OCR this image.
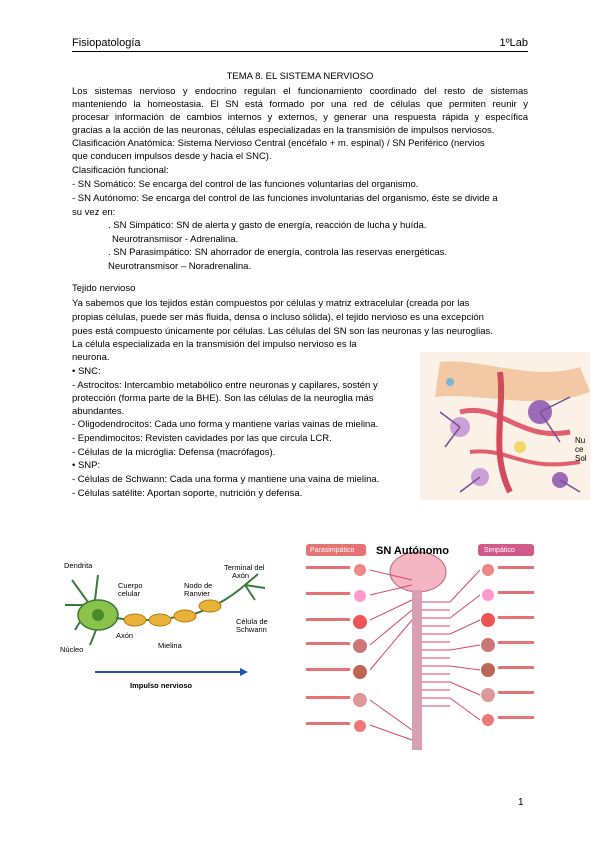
Fisiopatología	1ºLab
TEMA 8. EL SISTEMA NERVIOSO
Los sistemas nervioso y endocrino regulan el funcionamiento coordinado del resto de sistemas
manteniendo la homeostasia. El SN está formado por una red de células que permiten reunir y
procesar información de cambios internos y externos, y generar una respuesta rápida y específica
gracias a la acción de las neuronas, células especializadas en la transmisión de impulsos nerviosos.
Clasificación Anatómica: Sistema Nervioso Central (encéfalo + m. espinal) / SN Periférico (nervios
que conducen impulsos desde y hacia el SNC).
Clasificación funcional:
- SN Somático: Se encarga del control de las funciones voluntarias del organismo.
- SN Autónomo: Se encarga del control de las funciones involuntarias del organismo, éste se divide a
su vez en:
. SN Simpático: SN de alerta y gasto de energía, reacción de lucha y huída.
Neurotransmisor - Adrenalina.
. SN Parasimpático: SN ahorrador de energía, controla las reservas energéticas.
Neurotransmisor – Noradrenalina.
Tejido nervioso
Ya sabemos que los tejidos están compuestos por células y matriz extracelular (creada por las
propias células, puede ser más fluida, densa o incluso sólida), el tejido nervioso es una excepción
pues está compuesto únicamente por células. Las células del SN son las neuronas y las neuroglias.
La célula especializada en la transmisión del impulso nervioso es la
neurona.
• SNC:
- Astrocitos: Intercambio metabólico entre neuronas y capilares, sostén y
protección (forma parte de la BHE). Son las células de la neuroglia más
abundantes.
- Oligodendrocitos: Cada uno forma y mantiene varias vainas de mielina.
- Ependimocitos: Revisten cavidades por las que circula LCR.
- Células de la micróglia: Defensa (macrófagos).
• SNP:
- Células de Schwann: Cada una forma y mantiene una vaina de mielina.
- Células satélite: Aportan soporte, nutrición y defensa.
Nu
ce
Sol
Dendrita
Cuerpo
celular
Nodo de
Ranvier
Terminal del
Axón
Axón
Mielina
Núcleo
Célula de
Schwann
Impulso nervioso
Parasimpático	Simpático
SN Autónomo
1
